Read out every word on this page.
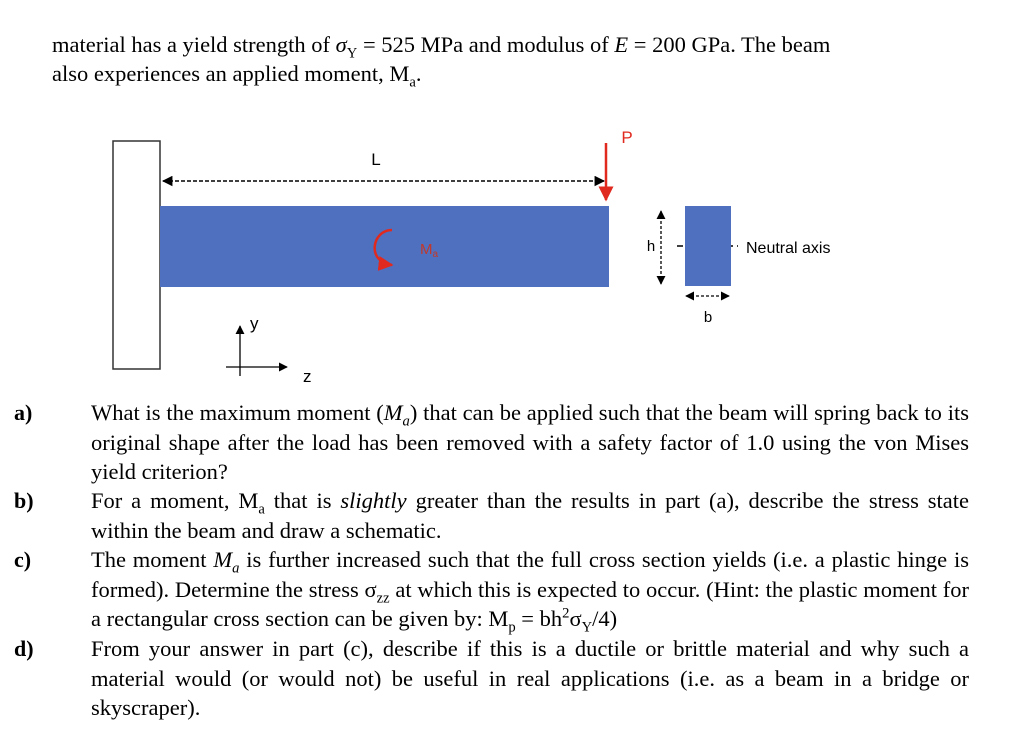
material has a yield strength of $\sigma_Y = 525$ MPa and modulus of E = 200 GPa. The beam
also experiences an applied moment, $M_a$.
L
P
$M_a$	h	Neutral axis
b
y
z
a)	What is the maximum moment $(M_a)$ that can be applied such that the beam will spring back to its original shape after the load has been removed with a safety factor of 1.0 using the von Mises yield criterion?
b)	For a moment, $M_a$ that is slightly greater than the results in part (a), describe the stress state within the beam and draw a schematic.
c)	The moment $M_a$ is further increased such that the full cross section yields (i.e. a plastic hinge is formed). Determine the stress $\sigma_{zz}$ at which this is expected to occur. (Hint: the plastic moment for a rectangular cross section can be given by: $M_p = bh^2\sigma_Y/4$)
d)	From your answer in part (c), describe if this is a ductile or brittle material and why such a material would (or would not) be useful in real applications (i.e. as a beam in a bridge or skyscraper).
